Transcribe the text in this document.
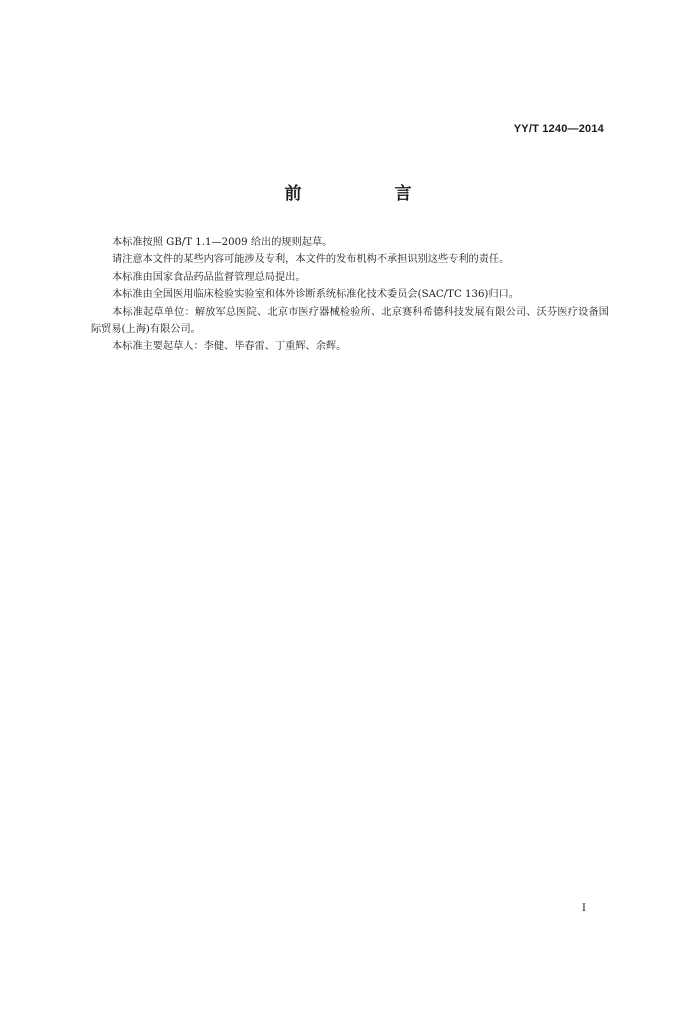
YY/T 1240—2014
前　言

本标准按照 GB/T 1.1—2009 给出的规则起草。

请注意本文件的某些内容可能涉及专利，本文件的发布机构不承担识别这些专利的责任。

本标准由国家食品药品监督管理总局提出。

本标准由全国医用临床检验实验室和体外诊断系统标准化技术委员会(SAC/TC 136)归口。

本标准起草单位：解放军总医院、北京市医疗器械检验所、北京赛科希德科技发展有限公司、沃芬医疗设备国际贸易(上海)有限公司。

本标准主要起草人：李健、毕春雷、丁重辉、余辉。

I
